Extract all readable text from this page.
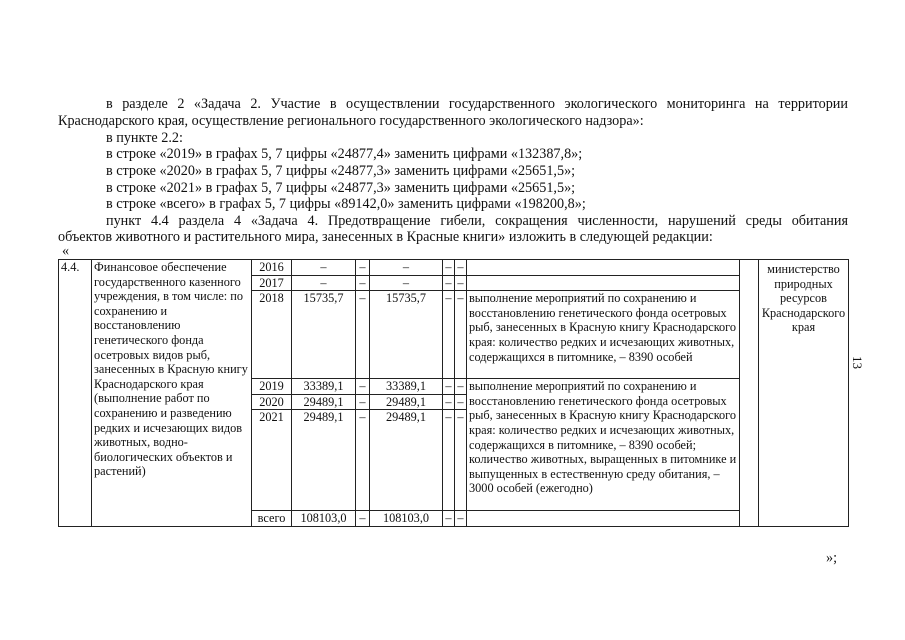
в разделе 2 «Задача 2. Участие в осуществлении государственного экологического мониторинга на территории
Краснодарского края, осуществление регионального государственного экологического надзора»:
в пункте 2.2:
в строке «2019» в графах 5, 7 цифры «24877,4» заменить цифрами «132387,8»;
в строке «2020» в графах 5, 7 цифры «24877,3» заменить цифрами «25651,5»;
в строке «2021» в графах 5, 7 цифры «24877,3» заменить цифрами «25651,5»;
в строке «всего» в графах 5, 7 цифры «89142,0» заменить цифрами «198200,8»;
пункт 4.4 раздела 4 «Задача 4. Предотвращение гибели, сокращения численности, нарушений среды обитания
объектов животного и растительного мира, занесенных в Красные книги» изложить в следующей редакции:
«
4.4.	Финансовое обеспечение государственного казенного учреждения, в том числе: по сохранению и восстановлению генетического фонда осетровых видов рыб, занесенных в Красную книгу Краснодарского края (выполнение работ по сохранению и разведению редких и исчезающих видов животных, водно-биологических объектов и растений)	2016	–	–	–	–	–			министерство природных ресурсов Краснодарского края
		2017	–	–	–	–	–			
		2018	15735,7	–	15735,7	–	–	выполнение мероприятий по сохранению и восстановлению генетического фонда осетровых рыб, занесенных в Красную книгу Краснодарского края: количество редких и исчезающих животных, содержащихся в питомнике, – 8390 особей		
		2019	33389,1	–	33389,1	–	–	выполнение мероприятий по сохранению и восстановлению генетического фонда осетровых рыб, занесенных в Красную книгу Краснодарского края: количество редких и исчезающих животных, содержащихся в питомнике, – 8390 особей; количество животных, выращенных в питомнике и выпущенных в естественную среду обитания, – 3000 особей (ежегодно)		
		2020	29489,1	–	29489,1	–	–			
		2021	29489,1	–	29489,1	–	–			
		всего	108103,0	–	108103,0	–	–			
»;
13
